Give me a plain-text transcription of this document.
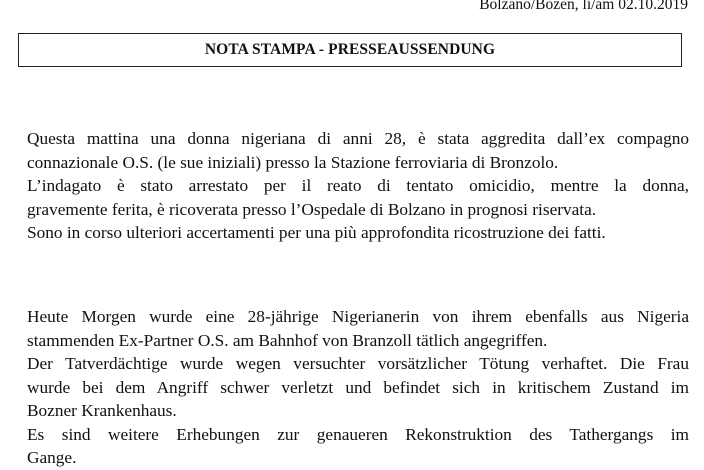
Bolzano/Bozen, li/am 02.10.2019
NOTA STAMPA - PRESSEAUSSENDUNG
Questa mattina una donna nigeriana di anni 28, è stata aggredita dall’ex compagno
connazionale O.S. (le sue iniziali) presso la Stazione ferroviaria di Bronzolo.
L’indagato è stato arrestato per il reato di tentato omicidio, mentre la donna,
gravemente ferita, è ricoverata presso l’Ospedale di Bolzano in prognosi riservata.
Sono in corso ulteriori accertamenti per una più approfondita ricostruzione dei fatti.
Heute Morgen wurde eine 28-jährige Nigerianerin von ihrem ebenfalls aus Nigeria
stammenden Ex-Partner O.S. am Bahnhof von Branzoll tätlich angegriffen.
Der Tatverdächtige wurde wegen versuchter vorsätzlicher Tötung verhaftet. Die Frau
wurde bei dem Angriff schwer verletzt und befindet sich in kritischem Zustand im
Bozner Krankenhaus.
Es sind weitere Erhebungen zur genaueren Rekonstruktion des Tathergangs im
Gange.
